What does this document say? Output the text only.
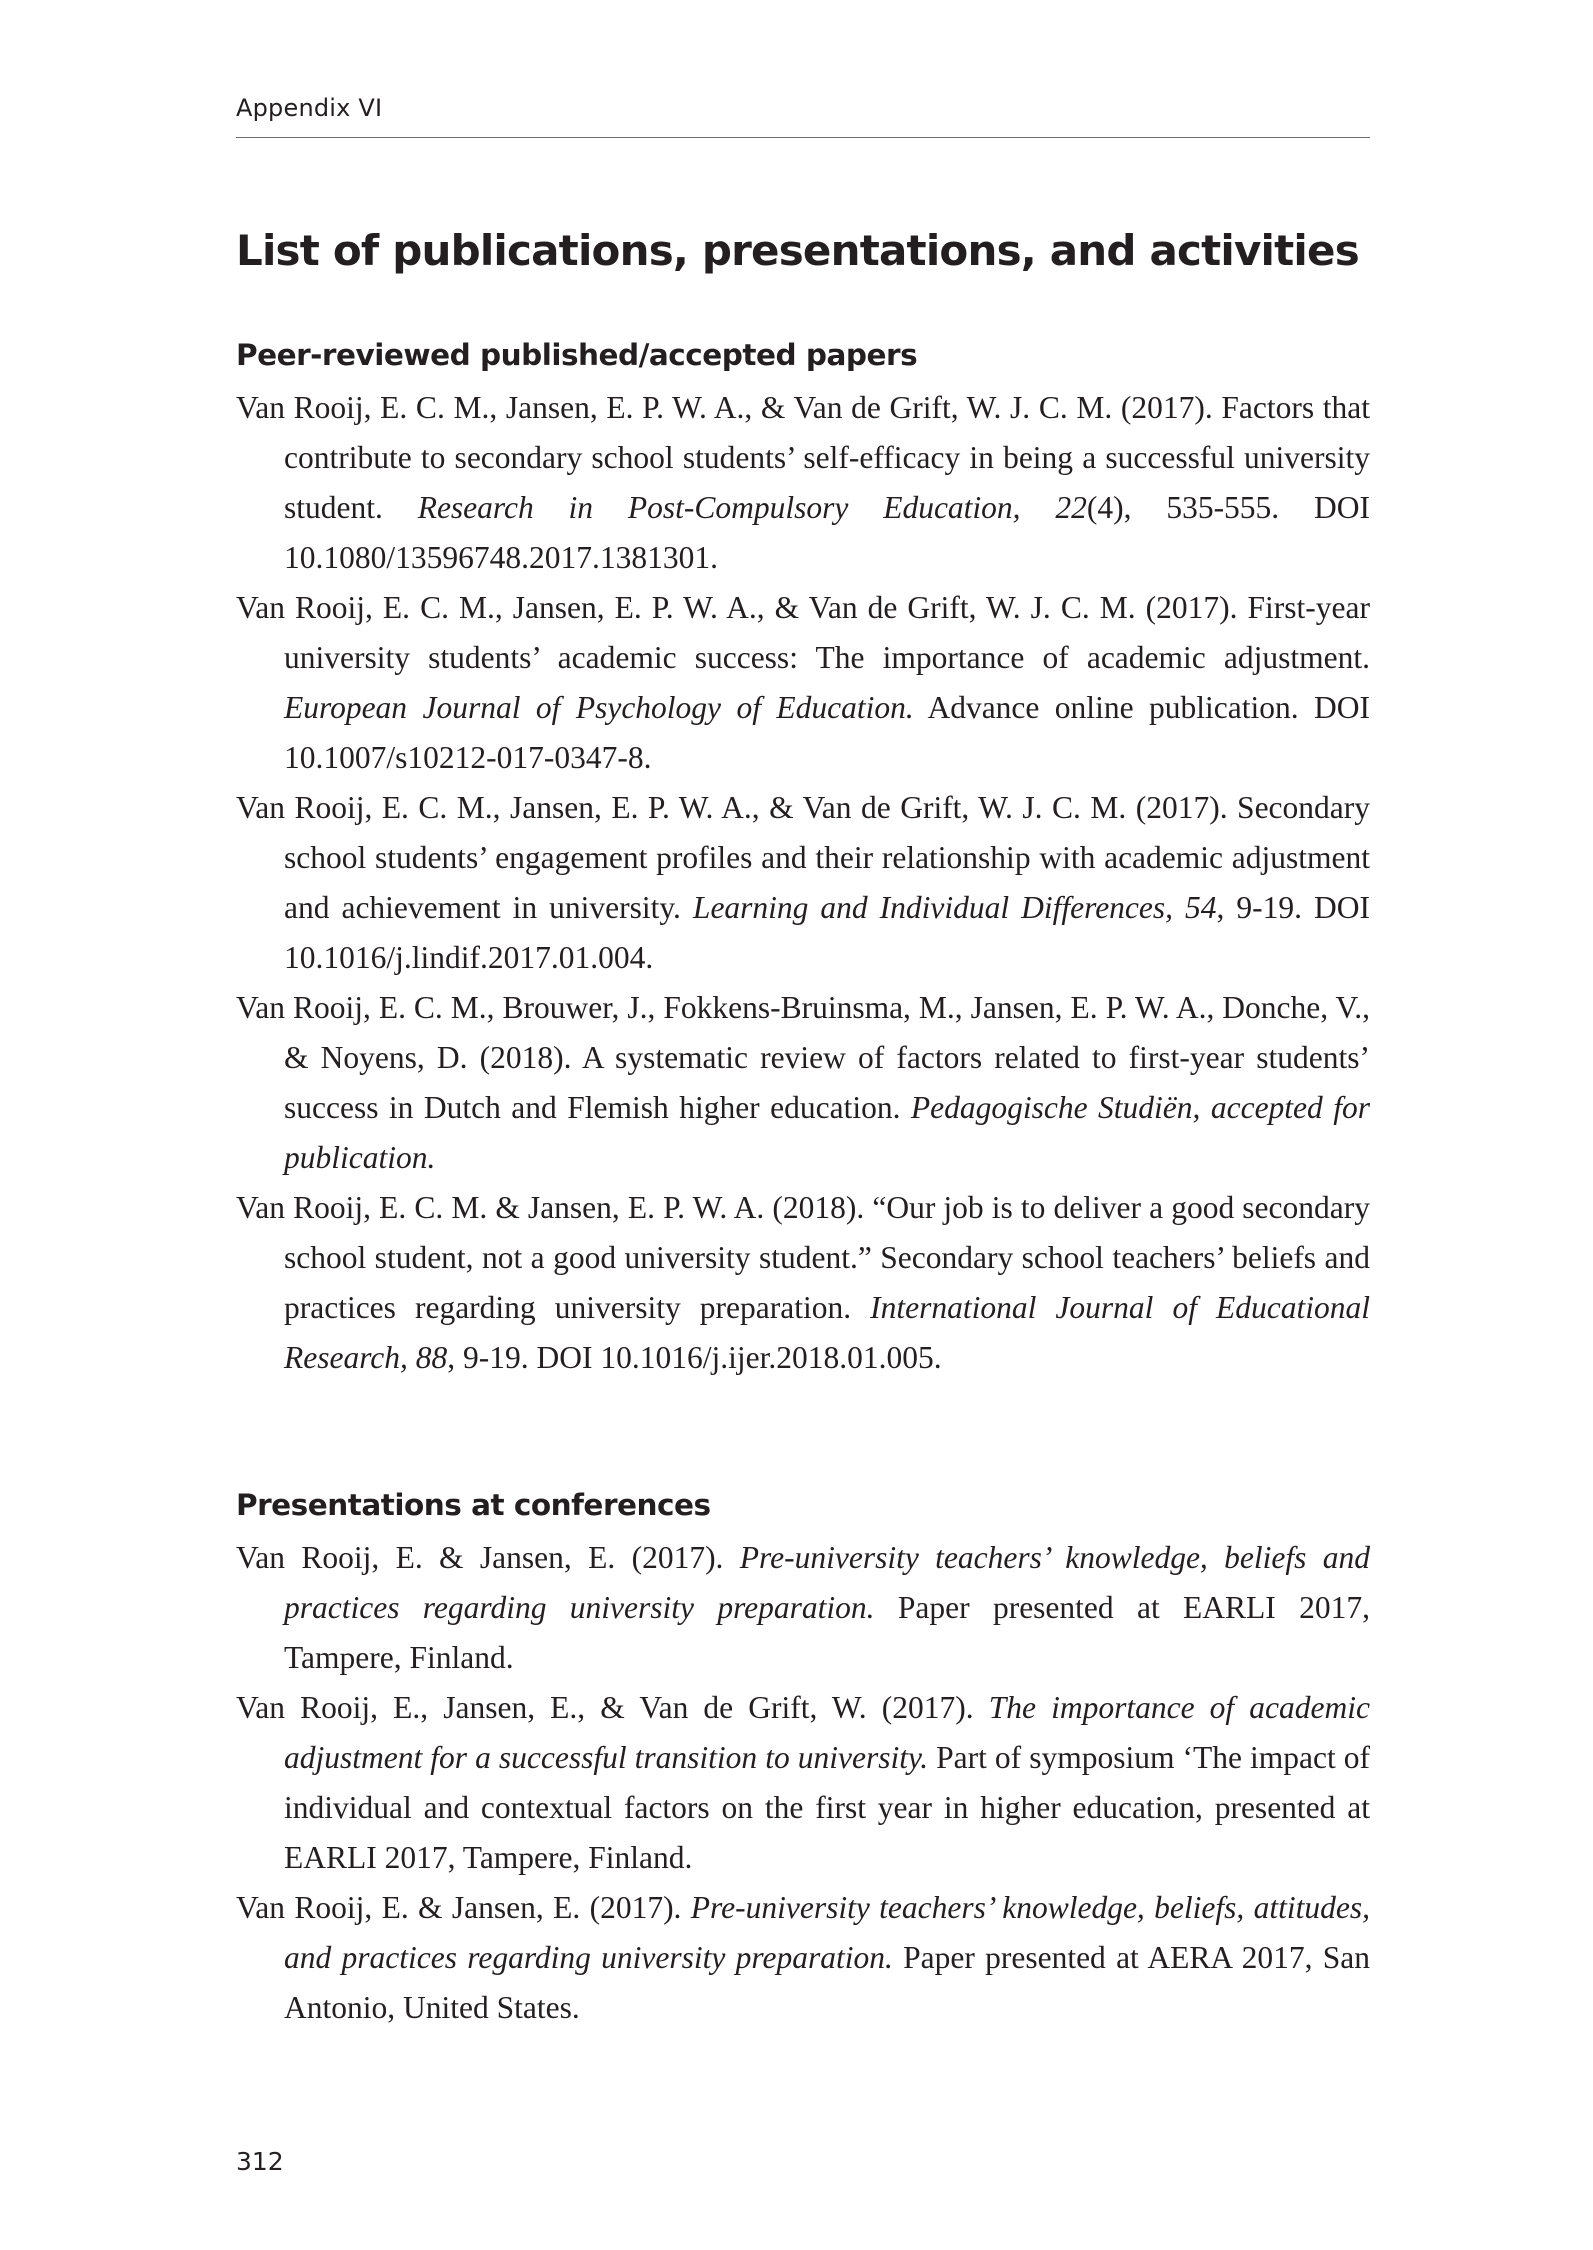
Appendix VI
List of publications, presentations, and activities
Peer-reviewed published/accepted papers
Van Rooij, E. C. M., Jansen, E. P. W. A., & Van de Grift, W. J. C. M. (2017). Factors that contribute to secondary school students’ self-efficacy in being a successful university student. Research in Post-Compulsory Education, 22(4), 535-555. DOI 10.1080/13596748.2017.1381301.
Van Rooij, E. C. M., Jansen, E. P. W. A., & Van de Grift, W. J. C. M. (2017). First-year university students’ academic success: The importance of academic adjustment. European Journal of Psychology of Education. Advance online publication. DOI 10.1007/s10212-017-0347-8.
Van Rooij, E. C. M., Jansen, E. P. W. A., & Van de Grift, W. J. C. M. (2017). Secondary school students’ engagement profiles and their relationship with academic adjustment and achievement in university. Learning and Individual Differences, 54, 9-19. DOI 10.1016/j.lindif.2017.01.004.
Van Rooij, E. C. M., Brouwer, J., Fokkens-Bruinsma, M., Jansen, E. P. W. A., Donche, V., & Noyens, D. (2018). A systematic review of factors related to first-year students’ success in Dutch and Flemish higher education. Pedagogische Studiën, accepted for publication.
Van Rooij, E. C. M. & Jansen, E. P. W. A. (2018). “Our job is to deliver a good secondary school student, not a good university student.” Secondary school teachers’ beliefs and practices regarding university preparation. International Journal of Educational Research, 88, 9-19. DOI 10.1016/j.ijer.2018.01.005.
Presentations at conferences
Van Rooij, E. & Jansen, E. (2017). Pre-university teachers’ knowledge, beliefs and practices regarding university preparation. Paper presented at EARLI 2017, Tampere, Finland.
Van Rooij, E., Jansen, E., & Van de Grift, W. (2017). The importance of academic adjustment for a successful transition to university. Part of symposium ‘The impact of individual and contextual factors on the first year in higher education, presented at EARLI 2017, Tampere, Finland.
Van Rooij, E. & Jansen, E. (2017). Pre-university teachers’ knowledge, beliefs, attitudes, and practices regarding university preparation. Paper presented at AERA 2017, San Antonio, United States.
312
